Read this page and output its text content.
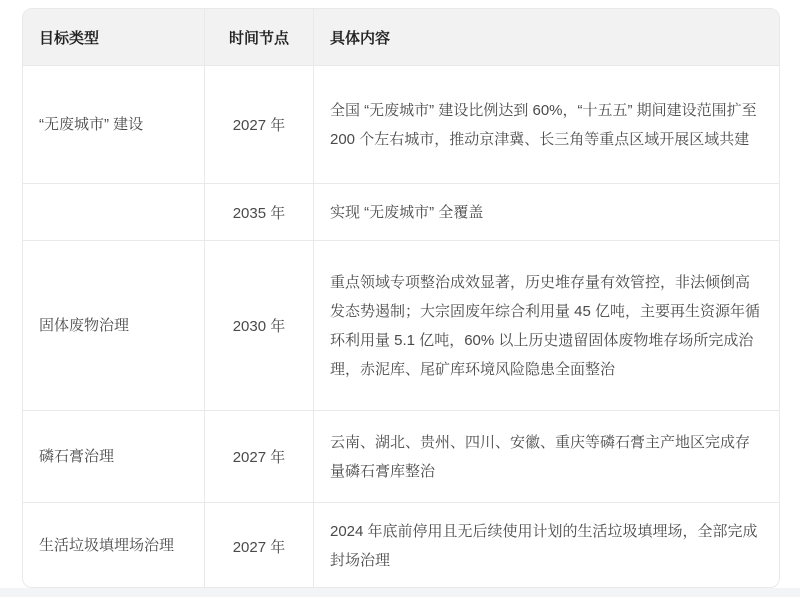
目标类型	时间节点	具体内容
“无废城市” 建设	2027 年	全国 “无废城市” 建设比例达到 60%，“十五五” 期间建设范围扩至 200 个左右城市，推动京津冀、长三角等重点区域开展区域共建
	2035 年	实现 “无废城市” 全覆盖
固体废物治理	2030 年	重点领域专项整治成效显著，历史堆存量有效管控，非法倾倒高发态势遏制；大宗固废年综合利用量 45 亿吨，主要再生资源年循环利用量 5.1 亿吨，60% 以上历史遗留固体废物堆存场所完成治理，赤泥库、尾矿库环境风险隐患全面整治
磷石膏治理	2027 年	云南、湖北、贵州、四川、安徽、重庆等磷石膏主产地区完成存量磷石膏库整治
生活垃圾填埋场治理	2027 年	2024 年底前停用且无后续使用计划的生活垃圾填埋场，全部完成封场治理
